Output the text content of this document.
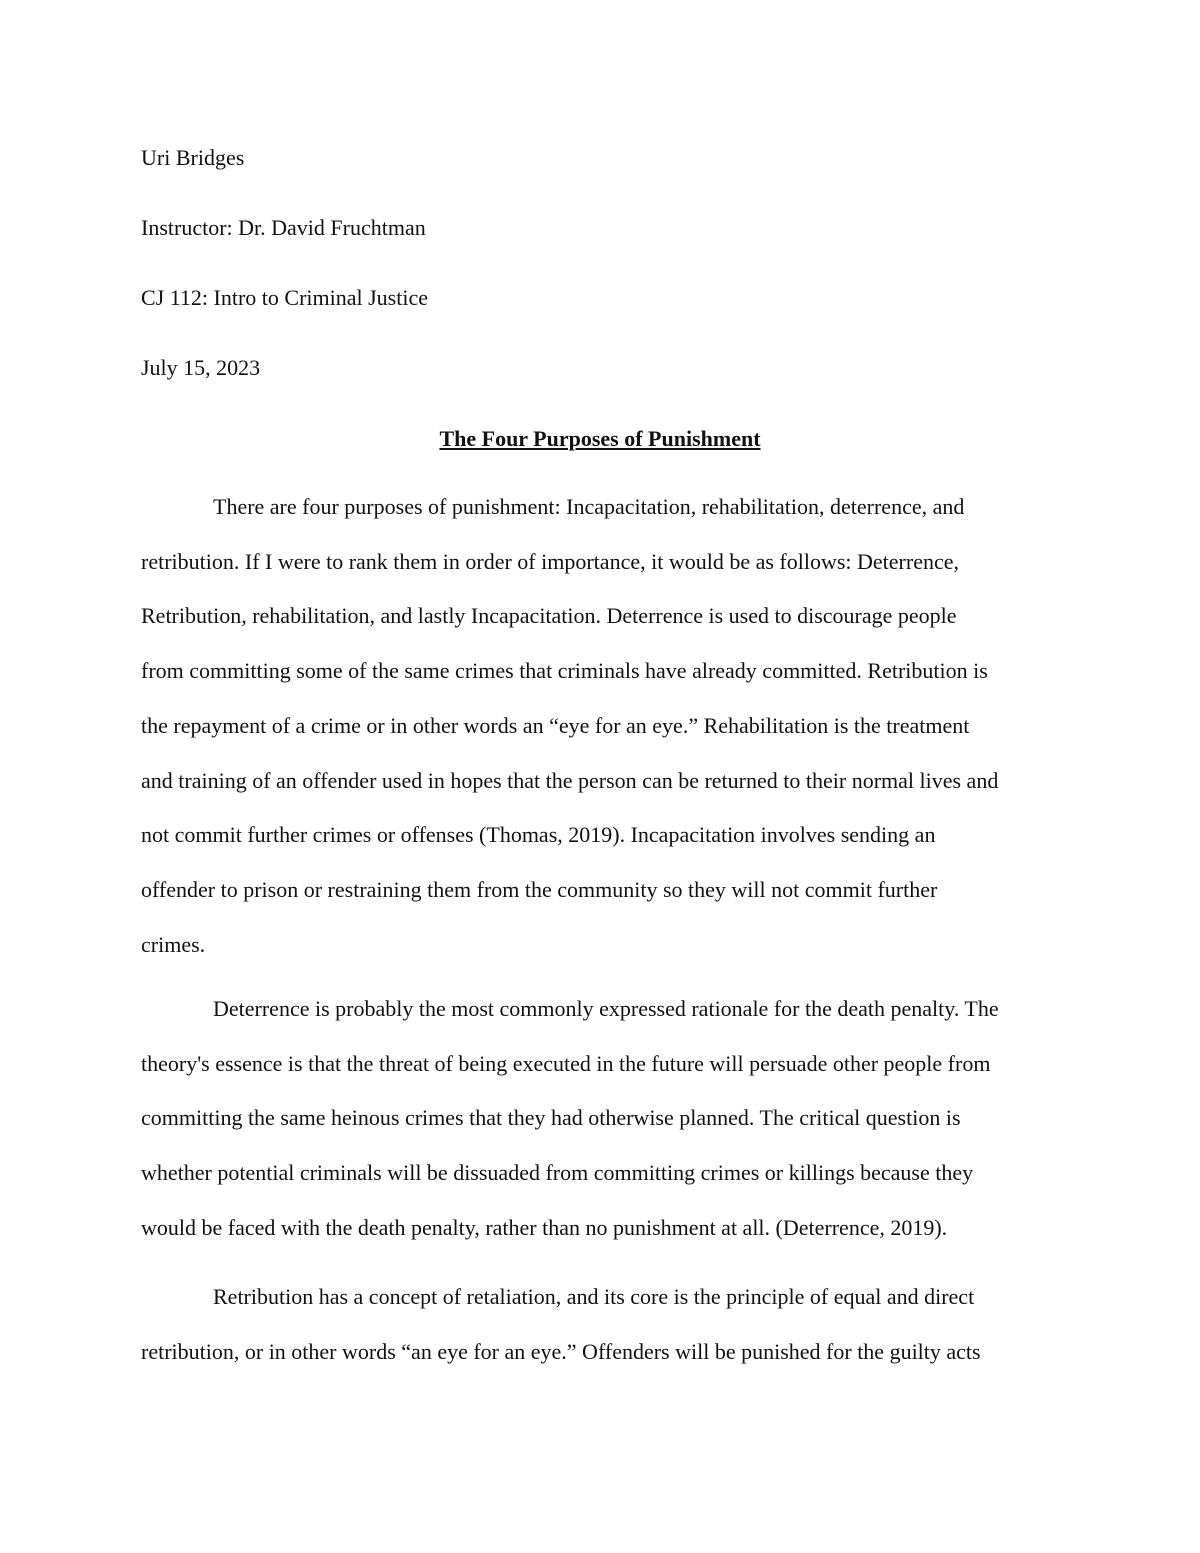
Uri Bridges
Instructor: Dr. David Fruchtman
CJ 112: Intro to Criminal Justice
July 15, 2023
The Four Purposes of Punishment

There are four purposes of punishment: Incapacitation, rehabilitation, deterrence, and
retribution. If I were to rank them in order of importance, it would be as follows: Deterrence,
Retribution, rehabilitation, and lastly Incapacitation. Deterrence is used to discourage people
from committing some of the same crimes that criminals have already committed. Retribution is
the repayment of a crime or in other words an “eye for an eye.” Rehabilitation is the treatment
and training of an offender used in hopes that the person can be returned to their normal lives and
not commit further crimes or offenses (Thomas, 2019). Incapacitation involves sending an
offender to prison or restraining them from the community so they will not commit further
crimes.

Deterrence is probably the most commonly expressed rationale for the death penalty. The
theory's essence is that the threat of being executed in the future will persuade other people from
committing the same heinous crimes that they had otherwise planned. The critical question is
whether potential criminals will be dissuaded from committing crimes or killings because they
would be faced with the death penalty, rather than no punishment at all. (Deterrence, 2019).

Retribution has a concept of retaliation, and its core is the principle of equal and direct
retribution, or in other words “an eye for an eye.” Offenders will be punished for the guilty acts
